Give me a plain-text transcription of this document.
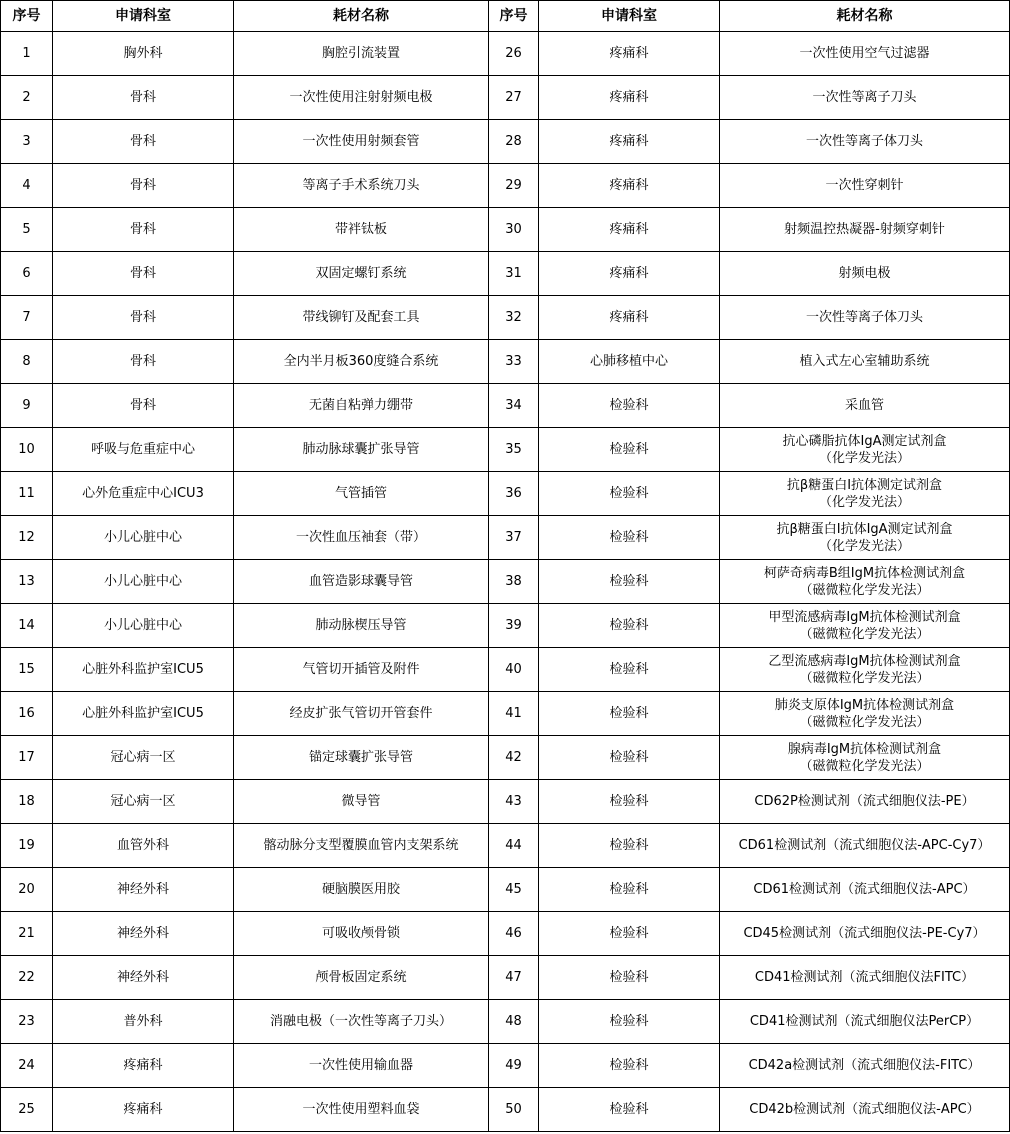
序号	申请科室	耗材名称	序号	申请科室	耗材名称
1	胸外科	胸腔引流装置	26	疼痛科	一次性使用空气过滤器
2	骨科	一次性使用注射射频电极	27	疼痛科	一次性等离子刀头
3	骨科	一次性使用射频套管	28	疼痛科	一次性等离子体刀头
4	骨科	等离子手术系统刀头	29	疼痛科	一次性穿刺针
5	骨科	带袢钛板	30	疼痛科	射频温控热凝器-射频穿刺针
6	骨科	双固定螺钉系统	31	疼痛科	射频电极
7	骨科	带线铆钉及配套工具	32	疼痛科	一次性等离子体刀头
8	骨科	全内半月板360度缝合系统	33	心肺移植中心	植入式左心室辅助系统
9	骨科	无菌自粘弹力绷带	34	检验科	采血管
10	呼吸与危重症中心	肺动脉球囊扩张导管	35	检验科	抗心磷脂抗体IgA测定试剂盒
（化学发光法）

11	心外危重症中心ICU3	气管插管	36	检验科	抗β糖蛋白Ⅰ抗体测定试剂盒
（化学发光法）

12	小儿心脏中心	一次性血压袖套（带）	37	检验科	抗β糖蛋白Ⅰ抗体IgA测定试剂盒
（化学发光法）

13	小儿心脏中心	血管造影球囊导管	38	检验科	柯萨奇病毒B组IgM抗体检测试剂盒
（磁微粒化学发光法）

14	小儿心脏中心	肺动脉楔压导管	39	检验科	甲型流感病毒IgM抗体检测试剂盒
（磁微粒化学发光法）

15	心脏外科监护室ICU5	气管切开插管及附件	40	检验科	乙型流感病毒IgM抗体检测试剂盒
（磁微粒化学发光法）

16	心脏外科监护室ICU5	经皮扩张气管切开管套件	41	检验科	肺炎支原体IgM抗体检测试剂盒
（磁微粒化学发光法）

17	冠心病一区	锚定球囊扩张导管	42	检验科	腺病毒IgM抗体检测试剂盒
（磁微粒化学发光法）

18	冠心病一区	微导管	43	检验科	CD62P检测试剂（流式细胞仪法-PE）
19	血管外科	髂动脉分支型覆膜血管内支架系统	44	检验科	CD61检测试剂（流式细胞仪法-APC-Cy7）
20	神经外科	硬脑膜医用胶	45	检验科	CD61检测试剂（流式细胞仪法-APC）
21	神经外科	可吸收颅骨锁	46	检验科	CD45检测试剂（流式细胞仪法-PE-Cy7）
22	神经外科	颅骨板固定系统	47	检验科	CD41检测试剂（流式细胞仪法FITC）
23	普外科	消融电极（一次性等离子刀头）	48	检验科	CD41检测试剂（流式细胞仪法PerCP）
24	疼痛科	一次性使用输血器	49	检验科	CD42a检测试剂（流式细胞仪法-FITC）
25	疼痛科	一次性使用塑料血袋	50	检验科	CD42b检测试剂（流式细胞仪法-APC）
